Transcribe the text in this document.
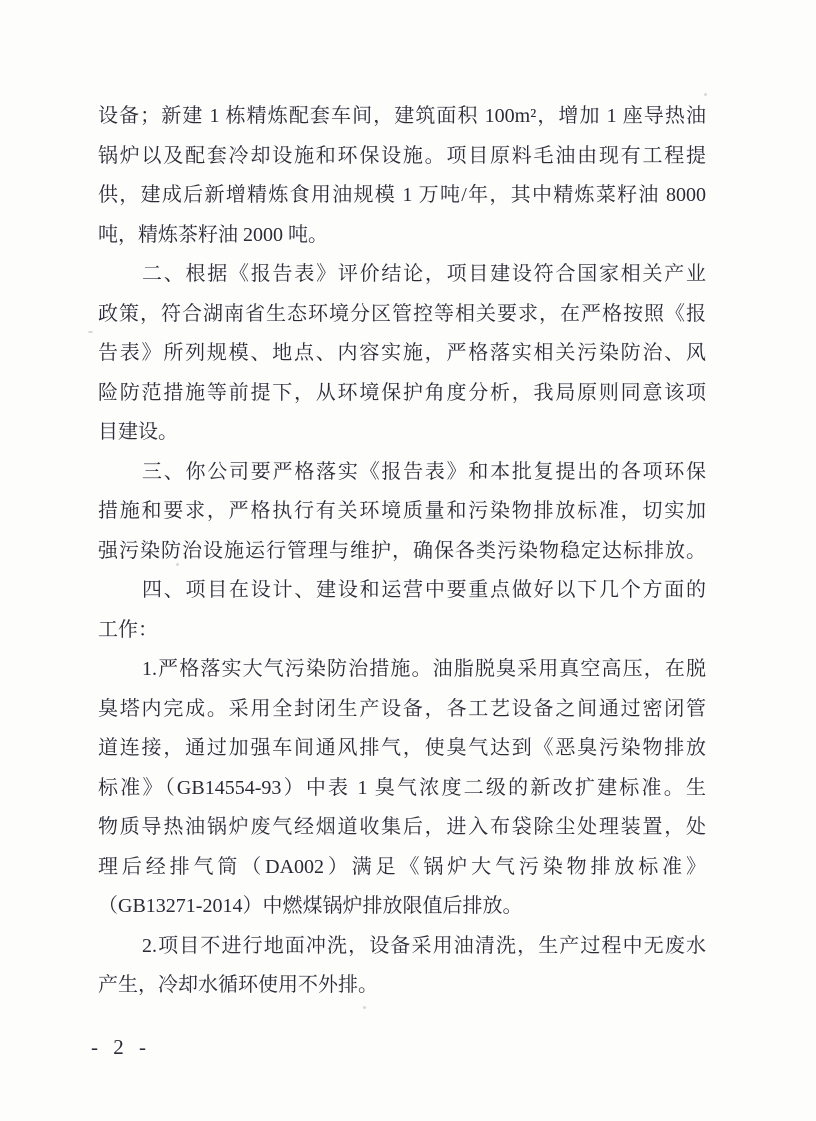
设备；新建 1 栋精炼配套车间，建筑面积 100m²，增加 1 座导热油
锅炉以及配套冷却设施和环保设施。项目原料毛油由现有工程提
供，建成后新增精炼食用油规模 1 万吨/年，其中精炼菜籽油 8000
吨，精炼茶籽油 2000 吨。
二、根据《报告表》评价结论，项目建设符合国家相关产业
政策，符合湖南省生态环境分区管控等相关要求，在严格按照《报
告表》所列规模、地点、内容实施，严格落实相关污染防治、风
险防范措施等前提下，从环境保护角度分析，我局原则同意该项
目建设。
三、你公司要严格落实《报告表》和本批复提出的各项环保
措施和要求，严格执行有关环境质量和污染物排放标准，切实加
强污染防治设施运行管理与维护，确保各类污染物稳定达标排放。
四、项目在设计、建设和运营中要重点做好以下几个方面的
工作：
1.严格落实大气污染防治措施。油脂脱臭采用真空高压，在脱
臭塔内完成。采用全封闭生产设备，各工艺设备之间通过密闭管
道连接，通过加强车间通风排气，使臭气达到《恶臭污染物排放
标准》（GB14554-93）中表 1 臭气浓度二级的新改扩建标准。生
物质导热油锅炉废气经烟道收集后，进入布袋除尘处理装置，处
理后经排气筒（DA002）满足《锅炉大气污染物排放标准》
（GB13271-2014）中燃煤锅炉排放限值后排放。
2.项目不进行地面冲洗，设备采用油清洗，生产过程中无废水
产生，冷却水循环使用不外排。
- 2 -
